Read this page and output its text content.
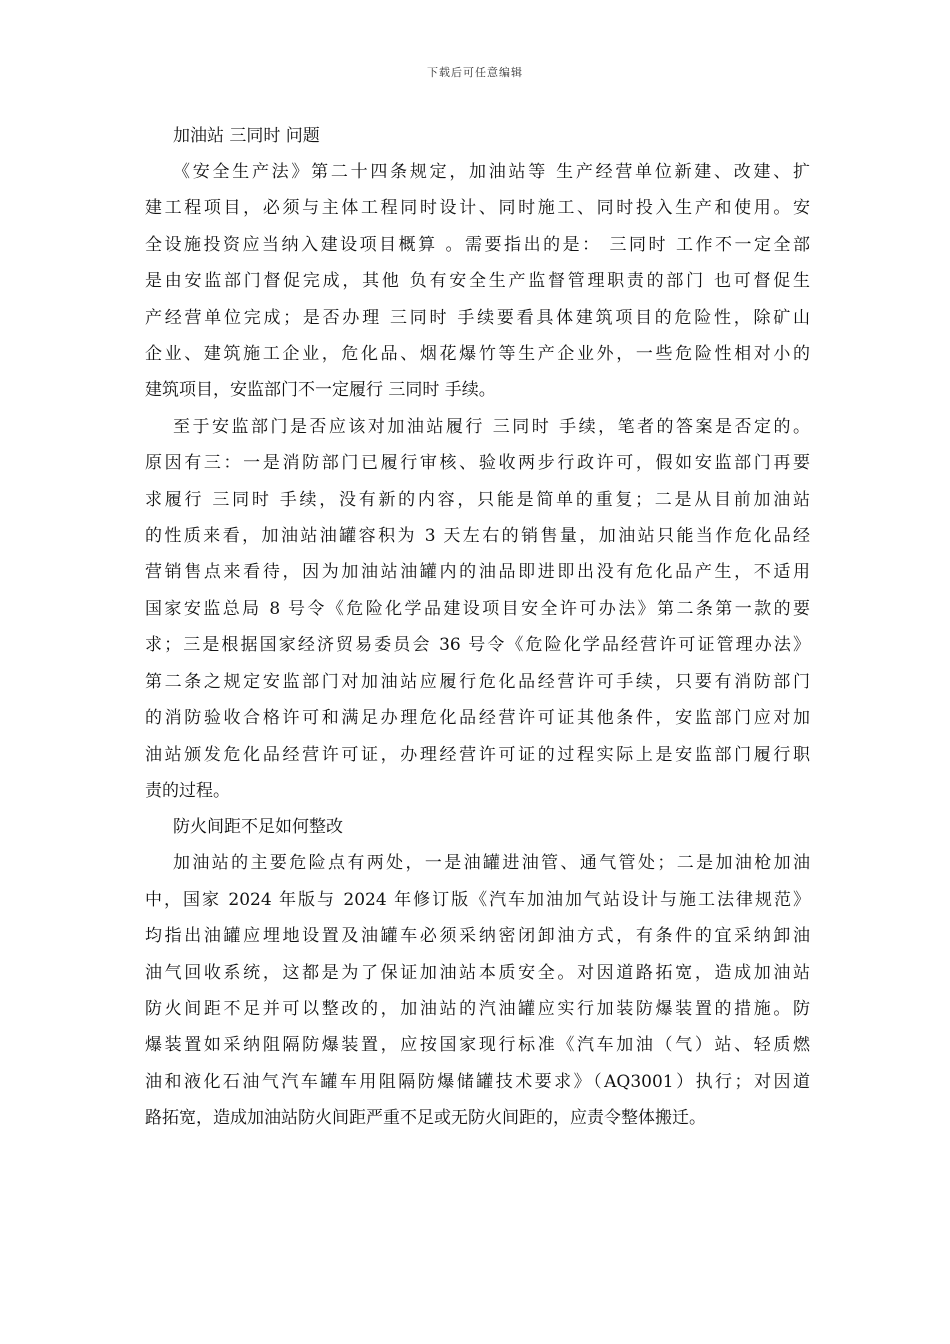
下载后可任意编辑

加油站 三同时 问题

《安全生产法》第二十四条规定，加油站等 生产经营单位新建、改建、扩
建工程项目，必须与主体工程同时设计、同时施工、同时投入生产和使用。安
全设施投资应当纳入建设项目概算 。需要指出的是： 三同时 工作不一定全部
是由安监部门督促完成，其他 负有安全生产监督管理职责的部门 也可督促生
产经营单位完成；是否办理 三同时 手续要看具体建筑项目的危险性，除矿山
企业、建筑施工企业，危化品、烟花爆竹等生产企业外，一些危险性相对小的
建筑项目，安监部门不一定履行 三同时 手续。

至于安监部门是否应该对加油站履行 三同时 手续，笔者的答案是否定的。
原因有三：一是消防部门已履行审核、验收两步行政许可，假如安监部门再要
求履行 三同时 手续，没有新的内容，只能是简单的重复；二是从目前加油站
的性质来看，加油站油罐容积为 3 天左右的销售量，加油站只能当作危化品经
营销售点来看待，因为加油站油罐内的油品即进即出没有危化品产生，不适用
国家安监总局 8 号令《危险化学品建设项目安全许可办法》第二条第一款的要
求；三是根据国家经济贸易委员会 36 号令《危险化学品经营许可证管理办法》
第二条之规定安监部门对加油站应履行危化品经营许可手续，只要有消防部门
的消防验收合格许可和满足办理危化品经营许可证其他条件，安监部门应对加
油站颁发危化品经营许可证，办理经营许可证的过程实际上是安监部门履行职
责的过程。

防火间距不足如何整改

加油站的主要危险点有两处，一是油罐进油管、通气管处；二是加油枪加油
中，国家 2024 年版与 2024 年修订版《汽车加油加气站设计与施工法律规范》
均指出油罐应埋地设置及油罐车必须采纳密闭卸油方式，有条件的宜采纳卸油
油气回收系统，这都是为了保证加油站本质安全。对因道路拓宽，造成加油站
防火间距不足并可以整改的，加油站的汽油罐应实行加装防爆装置的措施。防
爆装置如采纳阻隔防爆装置，应按国家现行标准《汽车加油（气）站、轻质燃
油和液化石油气汽车罐车用阻隔防爆储罐技术要求》（AQ3001）执行；对因道
路拓宽，造成加油站防火间距严重不足或无防火间距的，应责令整体搬迁。
